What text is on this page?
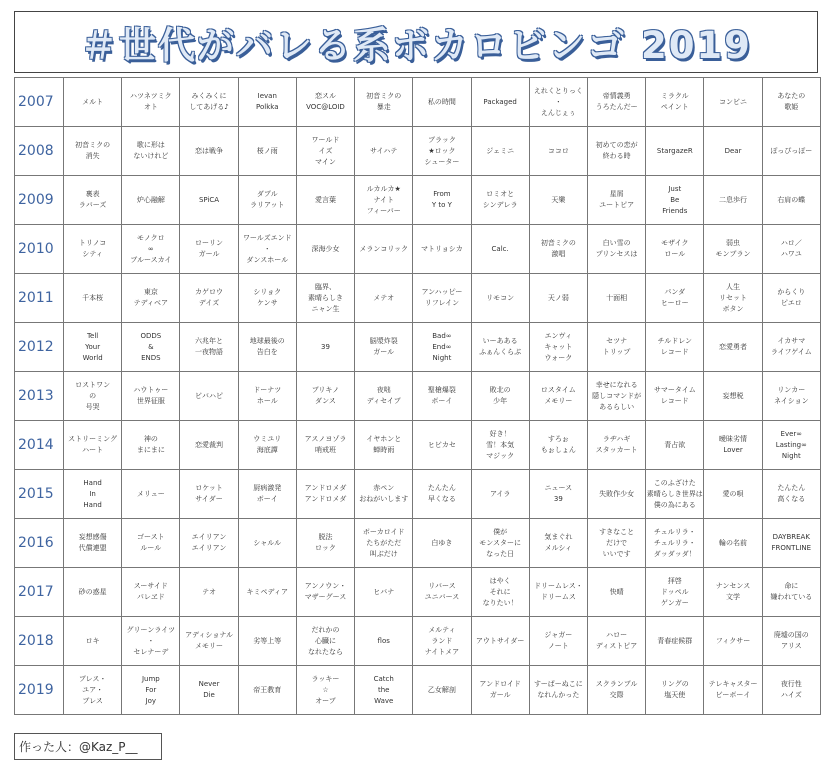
＃世代がバレる系ボカロビンゴ 2019
2007	メルト	ハツネツミク
オト	みくみくに
してあげる♪	Ievan
Polkka	恋スル
VOC@LOID	初音ミクの
暴走	私の時間	Packaged	えれくとりっく
・
えんじぇぅ	帝情義勇
うろたんだー	ミラクル
ペイント	コンビニ	あなたの
歌姫

2008	初音ミクの
消失	歌に形は
ないけれど	恋は戦争	桜ノ雨	ワールド
イズ
マイン	サイハテ	ブラック
★ロック
シューター	ジェミニ	ココロ	初めての恋が
終わる時	StargazeR	Dear	ぽっぴっぽー

2009	裏表
ラバーズ	炉心融解	SPiCA	ダブル
ラリアット	愛言葉	ルカルカ★
ナイト
フィーバー	From
Y to Y	ロミオと
シンデレラ	天樂	星屑
ユートピア	Just
Be
Friends	二息歩行	右肩の蝶

2010	トリノコ
シティ	モノクロ
∞
ブルースカイ	ローリン
ガール	ワールズエンド
・
ダンスホール	深海少女	メランコリック	マトリョシカ	Calc.	初音ミクの
激唱	白い雪の
プリンセスは	モザイク
ロール	弱虫
モンブラン	ハロ／
ハワユ

2011	千本桜	東京
テディベア	カゲロウ
デイズ	シリョク
ケンサ	臨界、
素晴らしき
ニャン生	メテオ	アンハッピー
リフレイン	リモコン	天ノ弱	十面相	パンダ
ヒーロー	人生
リセット
ボタン	からくり
ピエロ

2012	Tell
Your
World	ODDS
&
ENDS	六兆年と
一夜物語	地球最後の
告白を	39	脳漿炸裂
ガール	Bad∞
End∞
Night	いーあある
ふぁんくらぶ	エンヴィ
キャット
ウォーク	セツナ
トリップ	チルドレン
レコード	恋愛勇者	イカサマ
ライフゲイム

2013	ロストワン
の
号哭	ハウトゥー
世界征服	ビバハピ	ドーナツ
ホール	ブリキノ
ダンス	夜咄
ディセイブ	聖槍爆裂
ボーイ	敗北の
少年	ロスタイム
メモリー	幸せになれる
隠しコマンドが
あるらしい	サマータイム
レコード	妄想税	リンカー
ネイション

2014	ストリーミング
ハート	神の
まにまに	恋愛裁判	ウミユリ
海底譚	アスノヨゾラ
哨戒班	イヤホンと
蝉時雨	ヒビカセ	好き！
雪！本気
マジック	すろぉ
もぉしょん	ラヂハギ
スタッカート	青占欲	曖昧劣情
Lover	Ever∞
Lasting∞
Night

2015	Hand
In
Hand	メリュー	ロケット
サイダー	厨病激発
ボーイ	アンドロメダ
アンドロメダ	赤ペン
おねがいします	たんたん
早くなる	アイラ	ニュース
39	失敗作少女	このふざけた
素晴らしき世界は
僕の為にある	愛の唄	たんたん
高くなる

2016	妄想感傷
代償連盟	ゴースト
ルール	エイリアン
エイリアン	シャルル	脱法
ロック	ボーカロイド
たちがただ
叫ぶだけ	白ゆき	僕が
モンスターに
なった日	気まぐれ
メルシィ	すきなこと
だけで
いいです	チュルリラ・
チュルリラ・
ダッダッダ！	輪の名前	DAYBREAK
FRONTLINE

2017	砂の惑星	スーサイド
パレヱド	テオ	キミペディア	アンノウン・
マザーグース	ヒバナ	リバース
ユニバース	はやく
それに
なりたい！	ドリームレス・
ドリームス	快晴	拝啓
ドッペル
ゲンガー	ナンセンス
文学	命に
嫌われている

2018	ロキ	グリーンライツ
・
セレナーデ	アディショナル
メモリー	劣等上等	だれかの
心臓に
なれたなら	flos	メルティ
ランド
ナイトメア	アウトサイダー	ジャガー
ノート	ハロー
ディストピア	青春症候群	フィクサー	廃墟の国の
アリス

2019	ブレス・
ユア・
ブレス	Jump
For
Joy	Never
Die	帝王教育	ラッキー
☆
オーブ	Catch
the
Wave	乙女解剖	アンドロイド
ガール	すーぱーぬこに
なれんかった	スクランブル
交際	リングの
塩天使	テレキャスター
ビーボーイ	夜行性
ハイズ
作った人：@Kaz_P__
